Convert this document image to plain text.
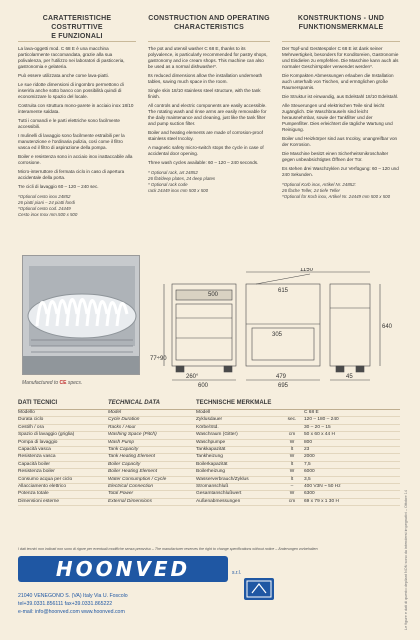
CARATTERISTICHE COSTRUTTIVE
E FUNZIONALI

La lava-oggetti mod. C 68 E è una macchina particolarmente raccomandata, grazie alla sua polivalenza, per l'utilizzo nei laboratori di pasticceria, gastronomia e gelateria.

Può essere utilizzata anche come lava-piatti.

Le sue ridotte dimensioni di ingombro permettono di inserirla anche sotto banco con possibilità quindi di economizzare lo spazio del locale.

Costruita con struttura mono-parete in acciaio inox 18/10 interamente saldata.

Tutti i comandi e le parti elettriche sono facilmente accessibili.

I mulinelli di lavaggio sono facilmente estraibili per la manutenzione e l'ordinaria pulizia, così come il filtro vasca ed il filtro di aspirazione della pompa.

Boiler e resistenza sono in acciaio inox inattaccabile alla corrosione.

Micro-interruttore di fermata ciclo in caso di apertura accidentale della porta.

Tre cicli di lavaggio 60 – 120 – 240 sec.

*Optional cesto inox 24852
26 piatti piani – 24 piatti fondi
*Optional cesto cod. 24449
Cesto inox Inox mm.500 x 500
CONSTRUCTION AND OPERATING
CHARACTERISTICS

The pot and utensil washer C 68 E, thanks to its polyvalence, is particularly recommended for pastry shops, gastronomy and ice cream shops. This machine can also be used as a normal dishwasher*.

Its reduced dimensions allow the installation underneath tables, saving much space in the room.

Single skin 18/10 stainless steel structure, with the tank finish.

All controls and electric components are easily accessible. The rotating wash and rinse arms are easily removable for the daily maintenance and cleaning, just like the tank filter and pump suction filter.

Boiler and heating elements are made of corrosion-proof stainless steel Incoloy.

A magnetic safety micro-switch stops the cycle in case of accidental door opening.

Three wash cycles available: 60 – 120 – 240 seconds.

* Optional rack, art 24852
26 flat/deep plates, 24 deep plates
* Optional rack code
rack 24449 inox mm 500 x 500
KONSTRUKTIONS - UND
FUNKTIONSMERKMALE

Der Topf-und Gerätespüler C 68 E ist dank seiner Mehrwertigkeit, besonders für Konditoreien, Gastronomie und Eisdielen zu empfehlen. Die Maschine kann auch als normaler Geschirrspüler verwendet werden*.

Die Kompakten Abmessungen erlauben die Installation auch unterhalb von Tischen, und ermöglichen große Raumersparnis.

Die Struktur ist einwandig, aus Edelstahl 18/10 Edelstahl.

Alle Steuerungen und elektrischen Teile sind leicht zugänglich. Die Waschbrauseln sind leicht herausnehmbar, sowie der Tankfilter und der Pumpenfilter. Dies erleichtert die tägliche Wartung und Reinigung.

Boiler und Heizkörper sind aus Incoloy, unangreifbar von der Korrosion.

Die Maschine besitzt einen Sicherheitsmikroschalter gegen unbeabsichtigtes Öffnen der Tür.

Es stehen drei Waschzyklen zur Verfügung: 60 – 120 und 240 Sekunden.

*Optional Korb inox, Artikel Nr. 24852:
26 flache Teller, 24 tiefe Teller
*Optional für Korb inox, Artikel Nr. 24449 mm 500 x 500
Manufactured to CE specs.
1150
500
615
305
640
77÷90
260°
600
479
695
45
DATI TECNICI	TECHNICAL DATA	TECHNISCHE MERKMALE
Modello	Model	Modell	C 68 E
Durata ciclo	Cycle Duration	Zyklusdauer	sec.	120 – 180 – 240
Cesti/h / ora	Racks / Hour	Körbe/Std.	30 – 20 – 15
Spazio di lavaggio (griglia)	Washing Space (Pitch)	Waschraum (Gitter)	cm	50 x 60 x 44 H
Pompa di lavaggio	Wash Pump	Waschpumpe	W	800
Capacità vasca	Tank Capacity	Tankkapazität	lt	23
Resistenza vasca	Tank Heating Element	Tankheizung	W	2000
Capacità boiler	Boiler Capacity	Boilerkapazität	lt	7,5
Resistenza boiler	Boiler Heating Element	Boilerheizung	W	6000
Consumo acqua per ciclo	Water Consumption / Cycle	Wasserverbrauch/Zyklus	lt	3,5
Allacciamento elettrico	Electrical Connection	Stromanschluß	–	400 V3N ~ 50 Hz
Potenza totale	Total Power	Gesamtanschlußwert	W	6300
Dimensioni esterne	External Dimensions	Außenabmessungen	cm	69 x 79 x 1 30 H
I dati tecnici non indicati non sono di rigore per eventuali modifiche senza preavviso – The manufacturer reserves the right to change specifications without notice – Änderungen vorbehalten
HOONVED	s.r.l.
21040 VENEGONO S. (VA) Italy Via U. Foscolo
tel+39.0331.856111 fax+39.0331.865222
e-mail: info@hoonved.com www.hoonved.com	Le figure e dati di questo depliant NON sono da intendersi impegnativi – Ottobre 14
